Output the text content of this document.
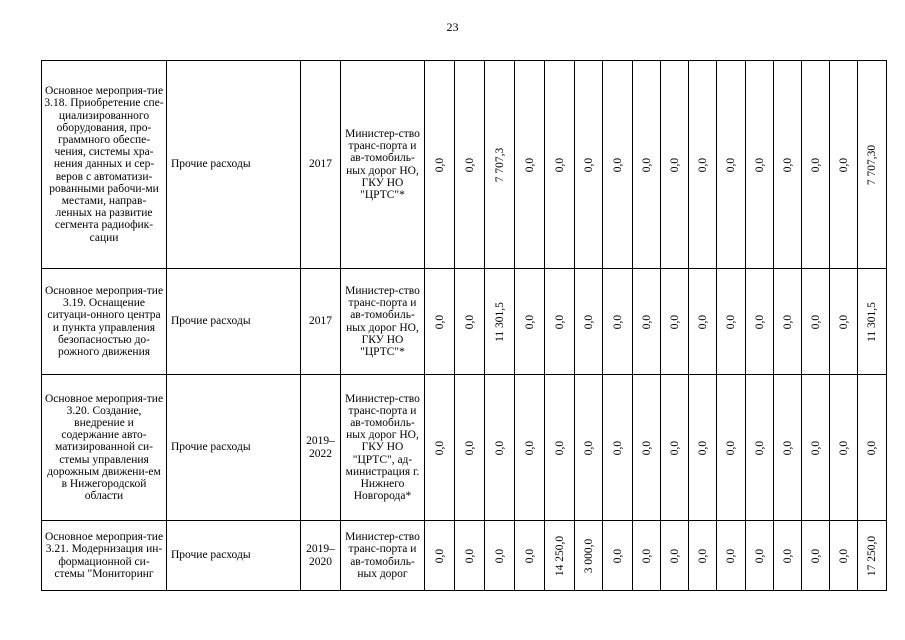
23
Основное мероприя-тие 3.18. Приобретение спе-циализированного оборудования, про-граммного обеспе-чения, системы хра-нения данных и сер-веров с автоматизи-рованными рабочи-ми местами, направ-ленных на развитие сегмента радиофик-сации	Прочие расходы	2017	Министер-ство транс-порта и ав-томобиль-ных дорог НО, ГКУ НО "ЦРТС"*	0,0	0,0	7 707,3	0,0	0,0	0,0	0,0	0,0	0,0	0,0	0,0	0,0	0,0	0,0	0,0	7 707,30

Основное мероприя-тие 3.19. Оснащение ситуаци-онного центра и пункта управления безопасностью до-рожного движения	Прочие расходы	2017	Министер-ство транс-порта и ав-томобиль-ных дорог НО, ГКУ НО "ЦРТС"*	0,0	0,0	11 301,5	0,0	0,0	0,0	0,0	0,0	0,0	0,0	0,0	0,0	0,0	0,0	0,0	11 301,5

Основное мероприя-тие 3.20. Создание, внедрение и содержание авто-матизированной си-стемы управления дорожным движени-ем в Нижегородской области	Прочие расходы	2019–2022	Министер-ство транс-порта и ав-томобиль-ных дорог НО, ГКУ НО "ЦРТС", ад-министрация г. Нижнего Новгорода*	0,0	0,0	0,0	0,0	0,0	0,0	0,0	0,0	0,0	0,0	0,0	0,0	0,0	0,0	0,0	0,0

Основное мероприя-тие 3.21. Модернизация ин-формационной си-стемы "Мониторинг	Прочие расходы	2019–2020	Министер-ство транс-порта и ав-томобиль-ных дорог	0,0	0,0	0,0	0,0	14 250,0	3 000,0	0,0	0,0	0,0	0,0	0,0	0,0	0,0	0,0	0,0	17 250,0
